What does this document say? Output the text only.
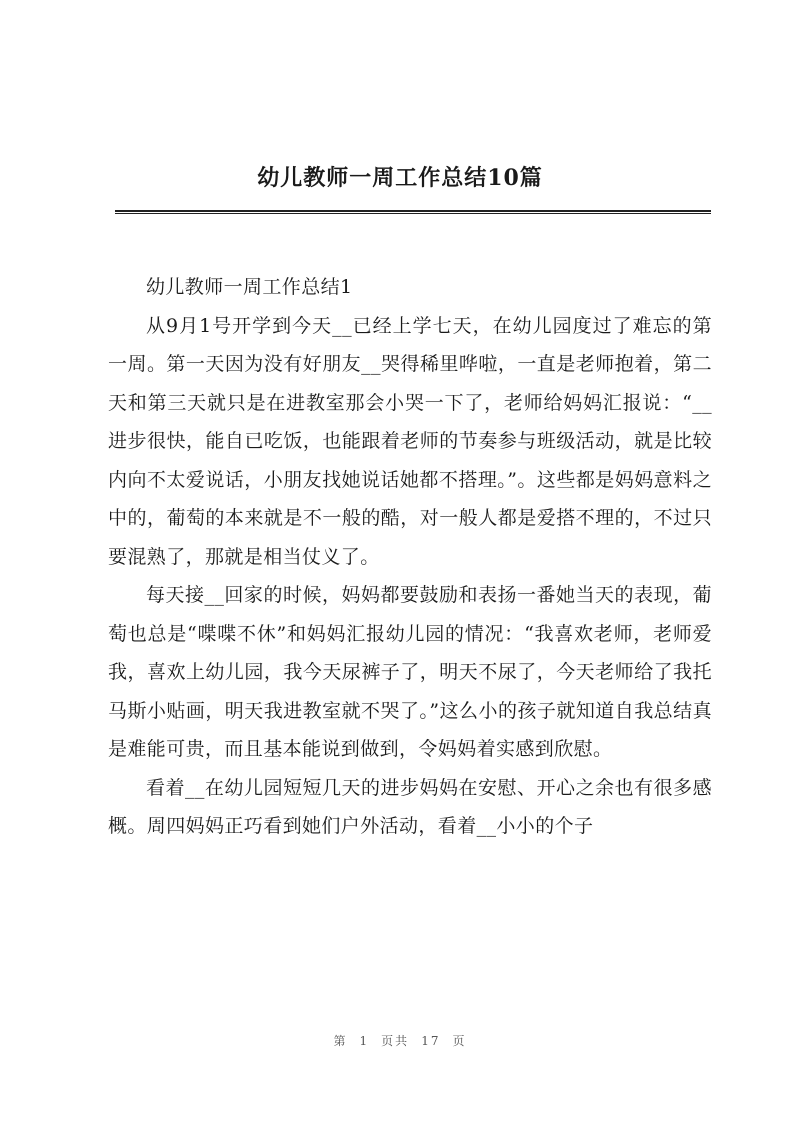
幼儿教师一周工作总结10篇

幼儿教师一周工作总结1

从9月1号开学到今天__已经上学七天，在幼儿园度过了难忘的第一周。第一天因为没有好朋友__哭得稀里哗啦，一直是老师抱着，第二天和第三天就只是在进教室那会小哭一下了，老师给妈妈汇报说：“__进步很快，能自已吃饭，也能跟着老师的节奏参与班级活动，就是比较内向不太爱说话，小朋友找她说话她都不搭理。”。这些都是妈妈意料之中的，葡萄的本来就是不一般的酷，对一般人都是爱搭不理的，不过只要混熟了，那就是相当仗义了。

每天接__回家的时候，妈妈都要鼓励和表扬一番她当天的表现，葡萄也总是“喋喋不休”和妈妈汇报幼儿园的情况：“我喜欢老师，老师爱我，喜欢上幼儿园，我今天尿裤子了，明天不尿了，今天老师给了我托马斯小贴画，明天我进教室就不哭了。”这么小的孩子就知道自我总结真是难能可贵，而且基本能说到做到，令妈妈着实感到欣慰。

看着__在幼儿园短短几天的进步妈妈在安慰、开心之余也有很多感概。周四妈妈正巧看到她们户外活动，看着__小小的个子

第 1 页共 17 页
